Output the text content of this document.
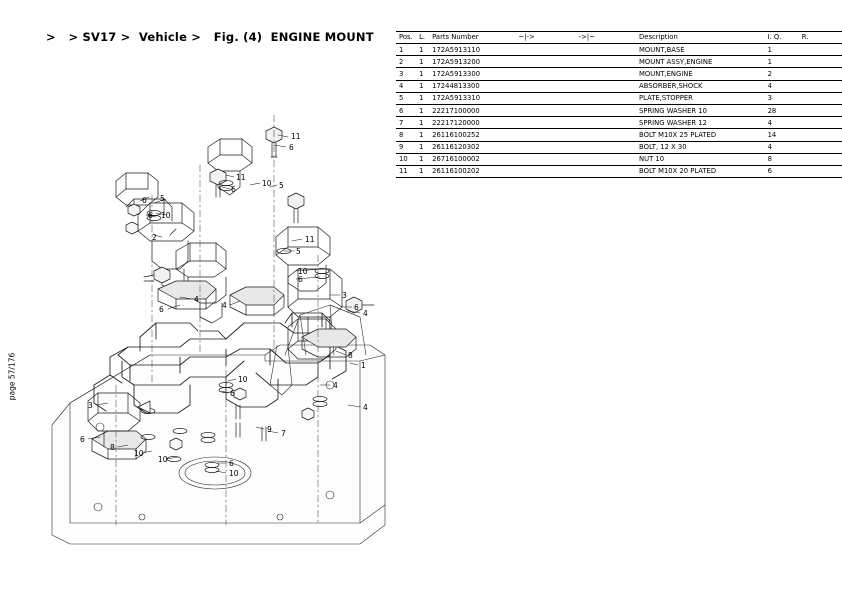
>   > SV17 >  Vehicle >   Fig. (4)  ENGINE MOUNT
page 57/176
Pos.	L.	Parts Number	~|->	->|~	Description	I. Q.	R.
1	1	172A5913110			MOUNT,BASE	1	
2	1	172A5913200			MOUNT ASSY,ENGINE	1	
3	1	172A5913300			MOUNT,ENGINE	2	
4	1	17244813300			ABSORBER,SHOCK	4	
5	1	172A5913310			PLATE,STOPPER	3	
6	1	22217100000			SPRING WASHER 10	28	
7	1	22217120000			SPRING WASHER 12	4	
8	1	26116100252			BOLT M10X 25 PLATED	14	
9	1	26116120302			BOLT, 12 X 30	4	
10	1	26716100002			NUT 10	8	
11	1	26116100202			BOLT M10X 20 PLATED	6	
11
6
11
6
10 5
5
10
6
6
2	11
5
10
6
3
6
4
4
4
6
8
4
10
6
3
6
8
10
10	6
10
9 7
1
4
